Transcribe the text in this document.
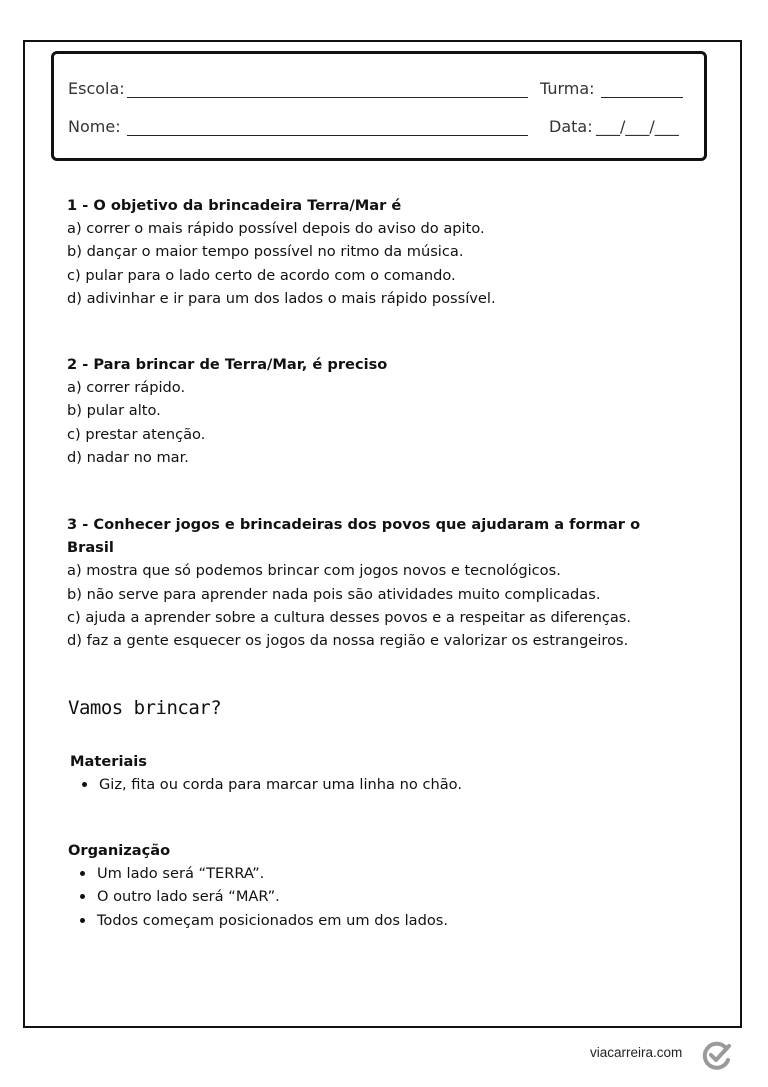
Escola:	Turma:
Nome:	Data: ___/___/___

1 - O objetivo da brincadeira Terra/Mar é

a) correr o mais rápido possível depois do aviso do apito.

b) dançar o maior tempo possível no ritmo da música.

c) pular para o lado certo de acordo com o comando.

d) adivinhar e ir para um dos lados o mais rápido possível.

2 - Para brincar de Terra/Mar, é preciso

a) correr rápido.

b) pular alto.

c) prestar atenção.

d) nadar no mar.

3 - Conhecer jogos e brincadeiras dos povos que ajudaram a formar o

Brasil

a) mostra que só podemos brincar com jogos novos e tecnológicos.

b) não serve para aprender nada pois são atividades muito complicadas.

c) ajuda a aprender sobre a cultura desses povos e a respeitar as diferenças.

d) faz a gente esquecer os jogos da nossa região e valorizar os estrangeiros.

Vamos brincar?
Materiais
Giz, fita ou corda para marcar uma linha no chão.
Organização
Um lado será “TERRA”.
O outro lado será “MAR”.
Todos começam posicionados em um dos lados.
viacarreira.com
